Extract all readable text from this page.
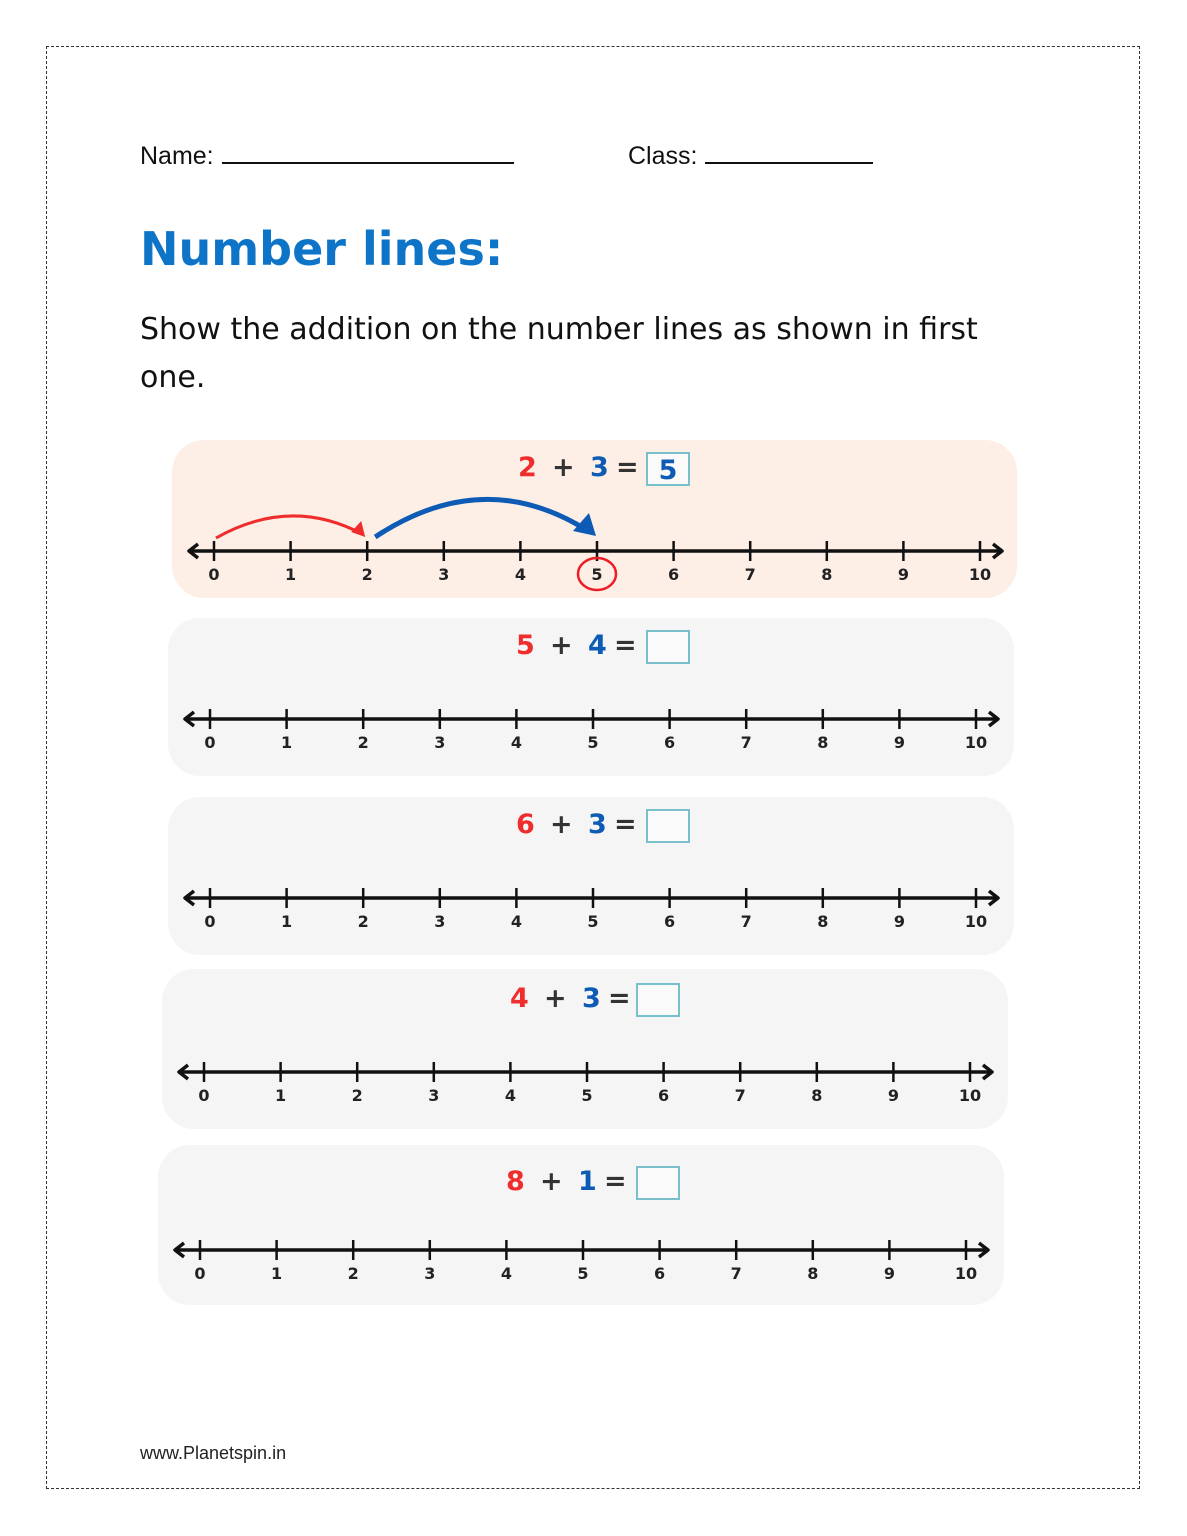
Name:	Class:
Number lines:
Show the addition on the number lines as shown in first one.
2 + 3 = 5
0	1	2	3	4	5	6	7	8	9	10
5 + 4 =
0	1	2	3	4	5	6	7	8	9	10
6 + 3 =
0	1	2	3	4	5	6	7	8	9	10
4 + 3 =
0	1	2	3	4	5	6	7	8	9	10
8 + 1 =
0	1	2	3	4	5	6	7	8	9	10
www.Planetspin.in
